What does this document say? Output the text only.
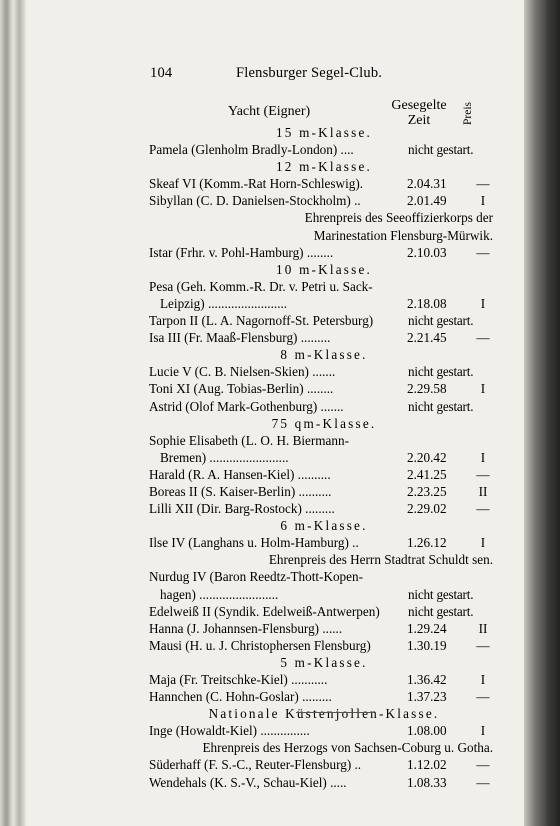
104	Flensburger Segel-Club.
Yacht (Eigner)	Gesegelte
Zeit	Preis
15 m-Klasse.
Pamela (Glenholm Bradly-London) ....	nicht gestart.
12 m-Klasse.
Skeaf VI (Komm.-Rat Horn-Schleswig).	2.04.31 —
Sibyllan (C. D. Danielsen-Stockholm) ..	2.01.49	I
Ehrenpreis des Seeoffizierkorps der
Marinestation Flensburg-Mürwik.
Istar (Frhr. v. Pohl-Hamburg) ........	2.10.03 —
10 m-Klasse.
Pesa (Geh. Komm.-R. Dr. v. Petri u. Sack-
Leipzig) ........................	2.18.08	I
Tarpon II (L. A. Nagornoff-St. Petersburg)	nicht gestart.
Isa III (Fr. Maaß-Flensburg) .........	2.21.45 —
8 m-Klasse.
Lucie V (C. B. Nielsen-Skien) .......	nicht gestart.
Toni XI (Aug. Tobias-Berlin) ........	2.29.58	I
Astrid (Olof Mark-Gothenburg) .......	nicht gestart.
75 qm-Klasse.
Sophie Elisabeth (L. O. H. Biermann-
Bremen) ........................	2.20.42	I
Harald (R. A. Hansen-Kiel) ..........	2.41.25 —
Boreas II (S. Kaiser-Berlin) ..........	2.23.25 II
Lilli XII (Dir. Barg-Rostock) .........	2.29.02 —
6 m-Klasse.
Ilse IV (Langhans u. Holm-Hamburg) ..	1.26.12	I
Ehrenpreis des Herrn Stadtrat Schuldt sen.
Nurdug IV (Baron Reedtz-Thott-Kopen-
hagen) ........................	nicht gestart.
Edelweiß II (Syndik. Edelweiß-Antwerpen) nicht gestart.
Hanna (J. Johannsen-Flensburg) ......	1.29.24 II
Mausi (H. u. J. Christophersen Flensburg)	1.30.19 —
5 m-Klasse.
Maja (Fr. Treitschke-Kiel) ...........	1.36.42	I
Hannchen (C. Hohn-Goslar) .........	1.37.23 —
Nationale Küstenjollen-Klasse.
Inge (Howaldt-Kiel) ...............	1.08.00	I
Ehrenpreis des Herzogs von Sachsen-Coburg u. Gotha.
Süderhaff (F. S.-C., Reuter-Flensburg) ..	1.12.02 —
Wendehals (K. S.-V., Schau-Kiel) .....	1.08.33 —
